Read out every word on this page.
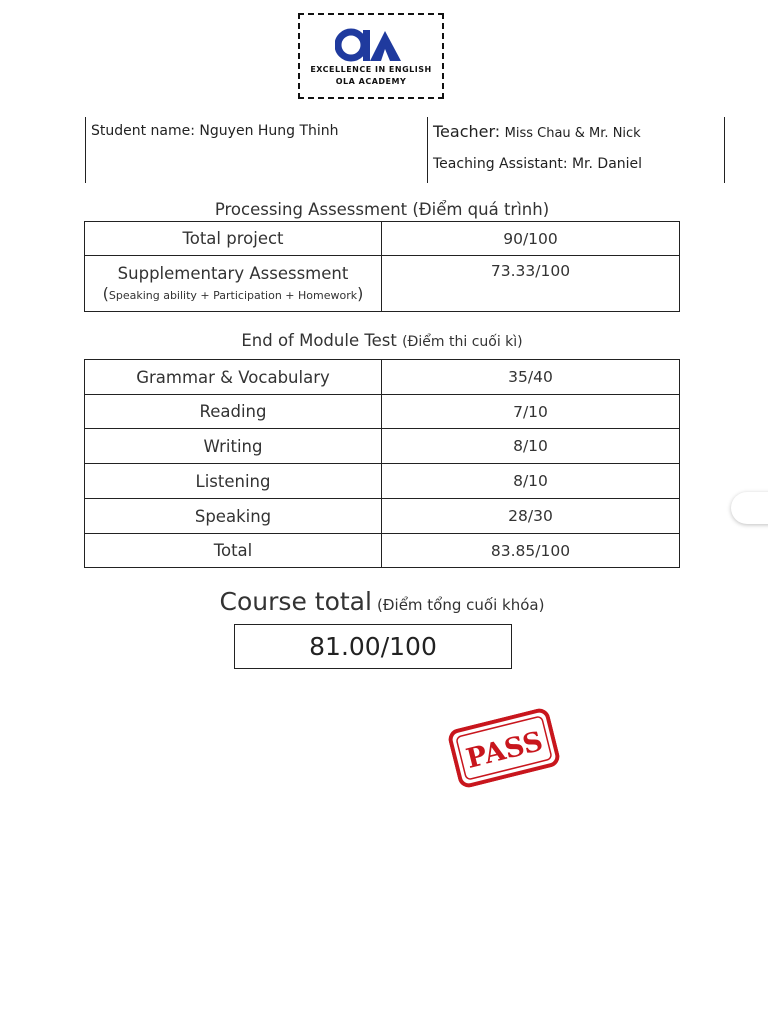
EXCELLENCE IN ENGLISH
OLA ACADEMY
Student name: Nguyen Hung Thinh	Teacher: Miss Chau & Mr. Nick
Teaching Assistant: Mr. Daniel
Processing Assessment (Điểm quá trình)
Total project	90/100

Supplementary Assessment
(Speaking ability + Participation + Homework)	73.33/100
End of Module Test (Điểm thi cuối kì)
Grammar & Vocabulary	35/40
Reading	7/10
Writing	8/10
Listening	8/10
Speaking	28/30
Total	83.85/100
Course total (Điểm tổng cuối khóa)
81.00/100
PASS
